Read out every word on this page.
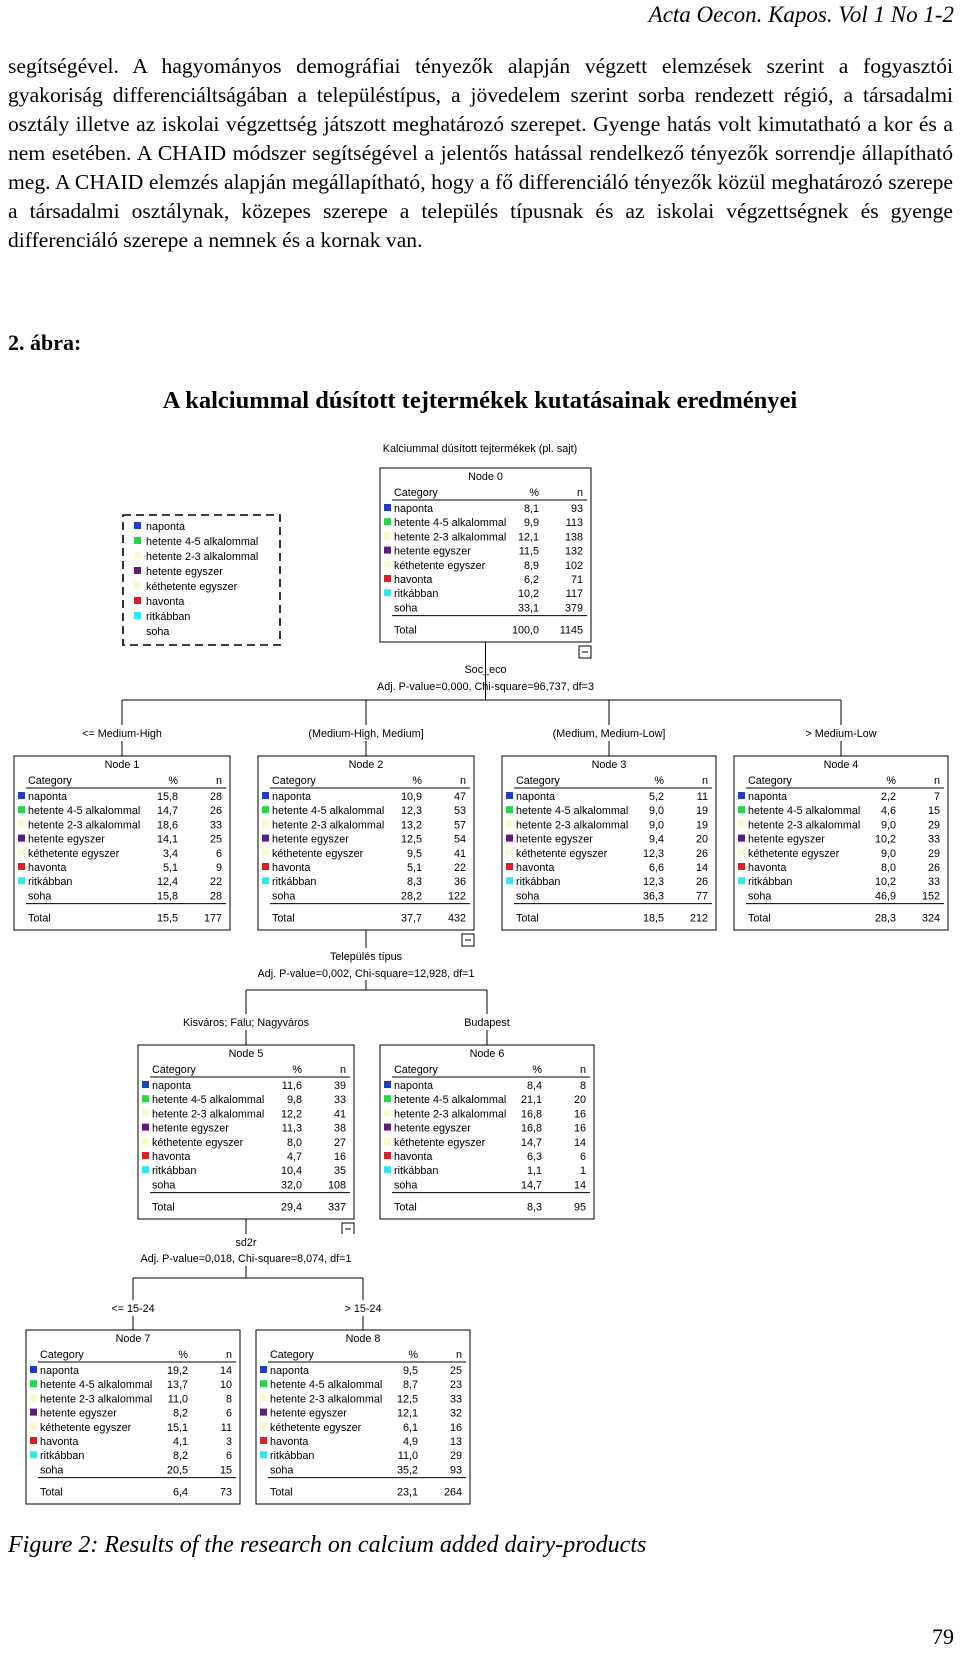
Acta Oecon. Kapos. Vol 1 No 1-2

segítségével. A hagyományos demográfiai tényezők alapján végzett elemzések szerint a fogyasztói gyakoriság differenciáltságában a településtípus, a jövedelem szerint sorba rendezett régió, a társadalmi osztály illetve az iskolai végzettség játszott meghatározó szerepet. Gyenge hatás volt kimutatható a kor és a nem esetében. A CHAID módszer segítségével a jelentős hatással rendelkező tényezők sorrendje állapítható meg. A CHAID elemzés alapján megállapítható, hogy a fő differenciáló tényezők közül meghatározó szerepe a társadalmi osztálynak, közepes szerepe a település típusnak és az iskolai végzettségnek és gyenge differenciáló szerepe a nemnek és a kornak van.

2. ábra:
A kalciummal dúsított tejtermékek kutatásainak eredményei
Kalciummal dúsított tejtermékek (pl. sajt)
naponta
hetente 4-5 alkalommal
hetente 2-3 alkalommal
hetente egyszer
kéthetente egyszer
havonta
ritkábban
soha
Node 0
Category	%	n
naponta	8,1	93
hetente 4-5 alkalommal 9,9 113
hetente 2-3 alkalommal 12,1 138
hetente egyszer	11,5 132
kéthetente egyszer	8,9 102
havonta	6,2	71
ritkábban	10,2 117
soha	33,1 379
Total	100,0 1145
Node 1
Category	%	n
naponta	15,8	28
hetente 4-5 alkalommal 14,7	26
hetente 2-3 alkalommal 18,6	33
hetente egyszer	14,1	25
kéthetente egyszer	3,4	6
havonta	5,1	9
ritkábban	12,4	22
soha	15,8	28
Total	15,5 177
Node 2
Category	%	n
naponta	10,9	47
hetente 4-5 alkalommal 12,3	53
hetente 2-3 alkalommal 13,2	57
hetente egyszer	12,5	54
kéthetente egyszer	9,5	41
havonta	5,1	22
ritkábban	8,3	36
soha	28,2 122
Total	37,7 432
Node 3
Category	%	n
naponta	5,2	11
hetente 4-5 alkalommal 9,0	19
hetente 2-3 alkalommal 9,0	19
hetente egyszer	9,4	20
kéthetente egyszer	12,3	26
havonta	6,6	14
ritkábban	12,3	26
soha	36,3	77
Total	18,5 212
Node 4
Category	%	n
naponta	2,2	7
hetente 4-5 alkalommal 4,6	15
hetente 2-3 alkalommal 9,0	29
hetente egyszer	10,2	33
kéthetente egyszer	9,0	29
havonta	8,0	26
ritkábban	10,2	33
soha	46,9 152
Total	28,3 324
Node 5
Category	%	n
naponta	11,6	39
hetente 4-5 alkalommal 9,8	33
hetente 2-3 alkalommal 12,2	41
hetente egyszer	11,3	38
kéthetente egyszer	8,0	27
havonta	4,7	16
ritkábban	10,4	35
soha	32,0 108
Total	29,4 337
Node 6
Category	%	n
naponta	8,4	8
hetente 4-5 alkalommal 21,1	20
hetente 2-3 alkalommal 16,8	16
hetente egyszer	16,8	16
kéthetente egyszer	14,7	14
havonta	6,3	6
ritkábban	1,1	1
soha	14,7	14
Total	8,3	95
Node 7
Category	%	n
naponta	19,2	14
hetente 4-5 alkalommal 13,7	10
hetente 2-3 alkalommal 11,0	8
hetente egyszer	8,2	6
kéthetente egyszer	15,1	11
havonta	4,1	3
ritkábban	8,2	6
soha	20,5	15
Total	6,4	73
Node 8
Category	%	n
naponta	9,5	25
hetente 4-5 alkalommal 8,7	23
hetente 2-3 alkalommal 12,5	33
hetente egyszer	12,1	32
kéthetente egyszer	6,1	16
havonta	4,9	13
ritkábban	11,0	29
soha	35,2	93
Total	23,1 264
Soc_eco
Adj. P-value=0,000, Chi-square=96,737, df=3
<= Medium-High	(Medium-High, Medium]	(Medium, Medium-Low]	> Medium-Low
Település típus
Adj. P-value=0,002, Chi-square=12,928, df=1
Kisváros; Falu; Nagyváros	Budapest
sd2r
Adj. P-value=0,018, Chi-square=8,074, df=1
<= 15-24	> 15-24
Figure 2: Results of the research on calcium added dairy-products
79
